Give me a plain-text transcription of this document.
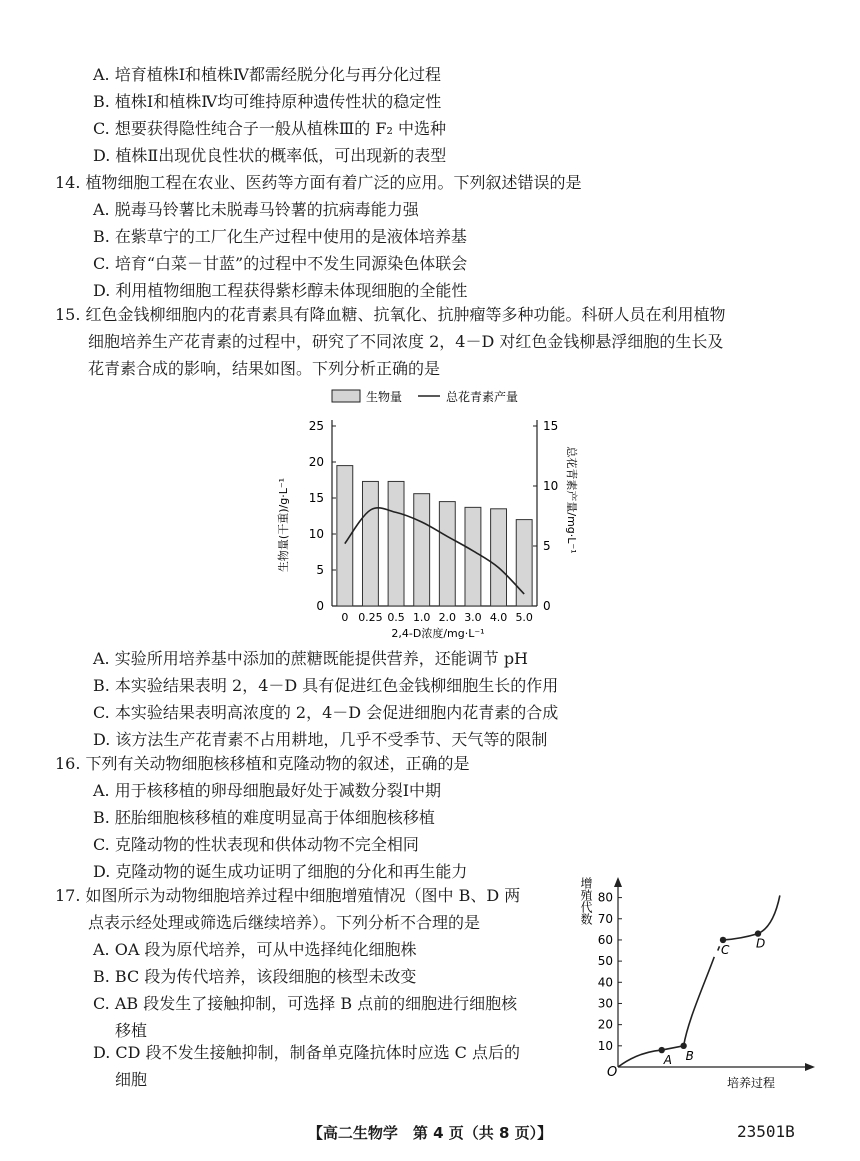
A. 培育植株Ⅰ和植株Ⅳ都需经脱分化与再分化过程
B. 植株Ⅰ和植株Ⅳ均可维持原种遗传性状的稳定性
C. 想要获得隐性纯合子一般从植株Ⅲ的 F₂ 中选种
D. 植株Ⅱ出现优良性状的概率低，可出现新的表型
14. 植物细胞工程在农业、医药等方面有着广泛的应用。下列叙述错误的是
A. 脱毒马铃薯比未脱毒马铃薯的抗病毒能力强
B. 在紫草宁的工厂化生产过程中使用的是液体培养基
C. 培育“白菜－甘蓝”的过程中不发生同源染色体联会
D. 利用植物细胞工程获得紫杉醇未体现细胞的全能性
15. 红色金钱柳细胞内的花青素具有降血糖、抗氧化、抗肿瘤等多种功能。科研人员在利用植物
细胞培养生产花青素的过程中，研究了不同浓度 2，4－D 对红色金钱柳悬浮细胞的生长及
花青素合成的影响，结果如图。下列分析正确的是
生物量	总花青素产量
生物量(干重)/g·L⁻¹	总花青素产量/mg·L⁻¹
0
5
10
15
20
25
0
5
10
15
0 0.25 0.5 1.0 2.0 3.0 4.0 5.0
2,4-D浓度/mg·L⁻¹
A. 实验所用培养基中添加的蔗糖既能提供营养，还能调节 pH
B. 本实验结果表明 2，4－D 具有促进红色金钱柳细胞生长的作用
C. 本实验结果表明高浓度的 2，4－D 会促进细胞内花青素的合成
D. 该方法生产花青素不占用耕地，几乎不受季节、天气等的限制
16. 下列有关动物细胞核移植和克隆动物的叙述，正确的是
A. 用于核移植的卵母细胞最好处于减数分裂Ⅰ中期
B. 胚胎细胞核移植的难度明显高于体细胞核移植
C. 克隆动物的性状表现和供体动物不完全相同
D. 克隆动物的诞生成功证明了细胞的分化和再生能力
17. 如图所示为动物细胞培养过程中细胞增殖情况（图中 B、D 两
点表示经处理或筛选后继续培养）。下列分析不合理的是
A. OA 段为原代培养，可从中选择纯化细胞株
B. BC 段为传代培养，该段细胞的核型未改变
C. AB 段发生了接触抑制，可选择 B 点前的细胞进行细胞核
移植
D. CD 段不发生接触抑制，制备单克隆抗体时应选 C 点后的
细胞
增殖代数
10
20
30
40
50
60
70
80
A B
C D
O
培养过程
【高二生物学　第 4 页（共 8 页）】	23501B
